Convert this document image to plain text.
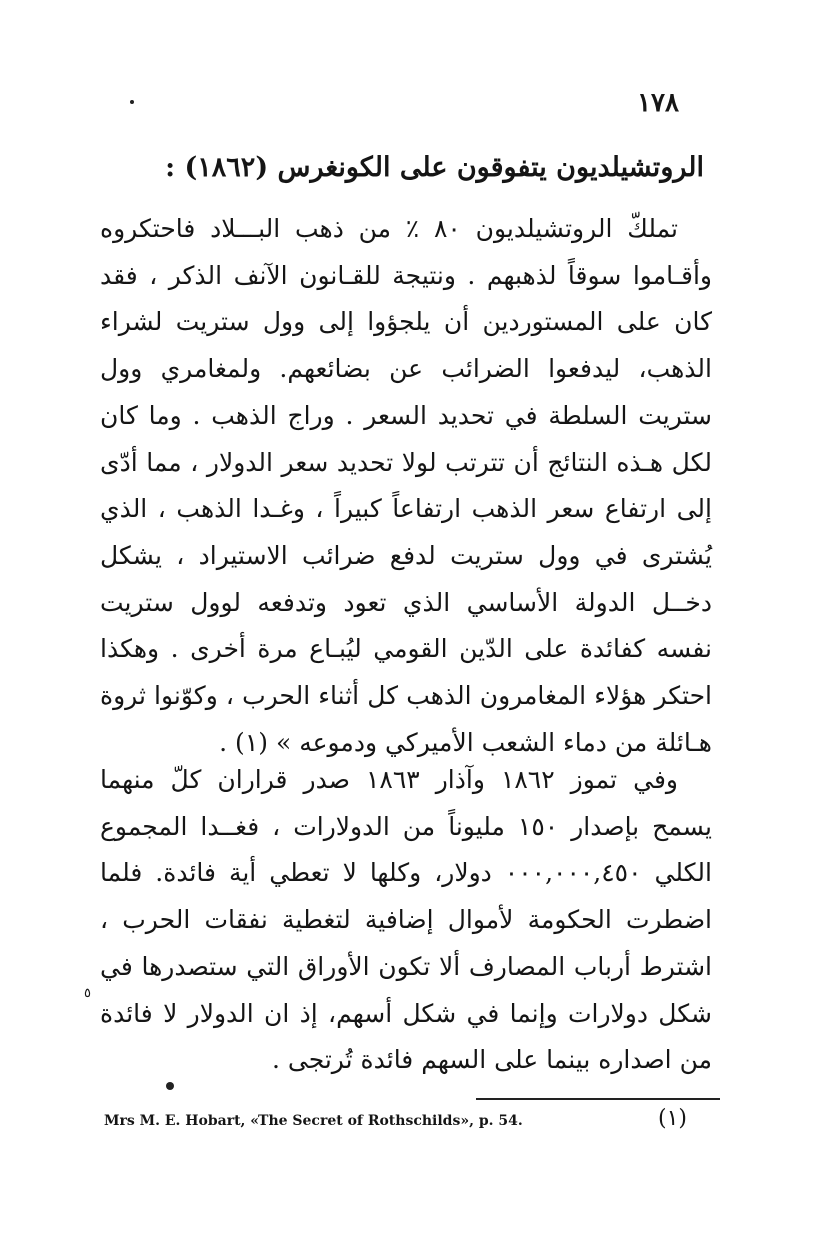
١٧٨
الروتشيلديون يتفوقون على الكونغرس (١٨٦٢) :

تملكّ الروتشيلديون ٨٠ ٪ من ذهب البـــلاد فاحتكروه وأقـاموا سوقاً لذهبهم . ونتيجة للقـانون الآنف الذكر ، فقد كان على المستوردين أن يلجؤوا إلى وول ستريت لشراء الذهب، ليدفعوا الضرائب عن بضائعهم. ولمغامري وول ستريت السلطة في تحديد السعر . وراج الذهب . وما كان لكل هـذه النتائج أن تترتب لولا تحديد سعر الدولار ، مما أدّى إلى ارتفاع سعر الذهب ارتفاعاً كبيراً ، وغـدا الذهب ، الذي يُشترى في وول ستريت لدفع ضرائب الاستيراد ، يشكل دخــل الدولة الأساسي الذي تعود وتدفعه لوول ستريت نفسه كفائدة على الدّين القومي ليُبـاع مرة أخرى . وهكذا احتكر هؤلاء المغامرون الذهب كل أثناء الحرب ، وكوّنوا ثروة هـائلة من دماء الشعب الأميركي ودموعه » (١) .

وفي تموز ١٨٦٢ وآذار ١٨٦٣ صدر قراران كلّ منهما يسمح بإصدار ١٥٠ مليوناً من الدولارات ، فغــدا المجموع الكلي ٠٠٠,٠٠٠,٤٥٠ دولار، وكلها لا تعطي أية فائدة. فلما اضطرت الحكومة لأموال إضافية لتغطية نفقات الحرب ، اشترط أرباب المصارف ألا تكون الأوراق التي ستصدرها في شكل دولارات وإنما في شكل أسهم، إذ ان الدولار لا فائدة من اصداره بينما على السهم فائدة تُرتجى .

٥
Mrs M. E. Hobart, «The Secret of Rothschilds», p. 54.	(١)
